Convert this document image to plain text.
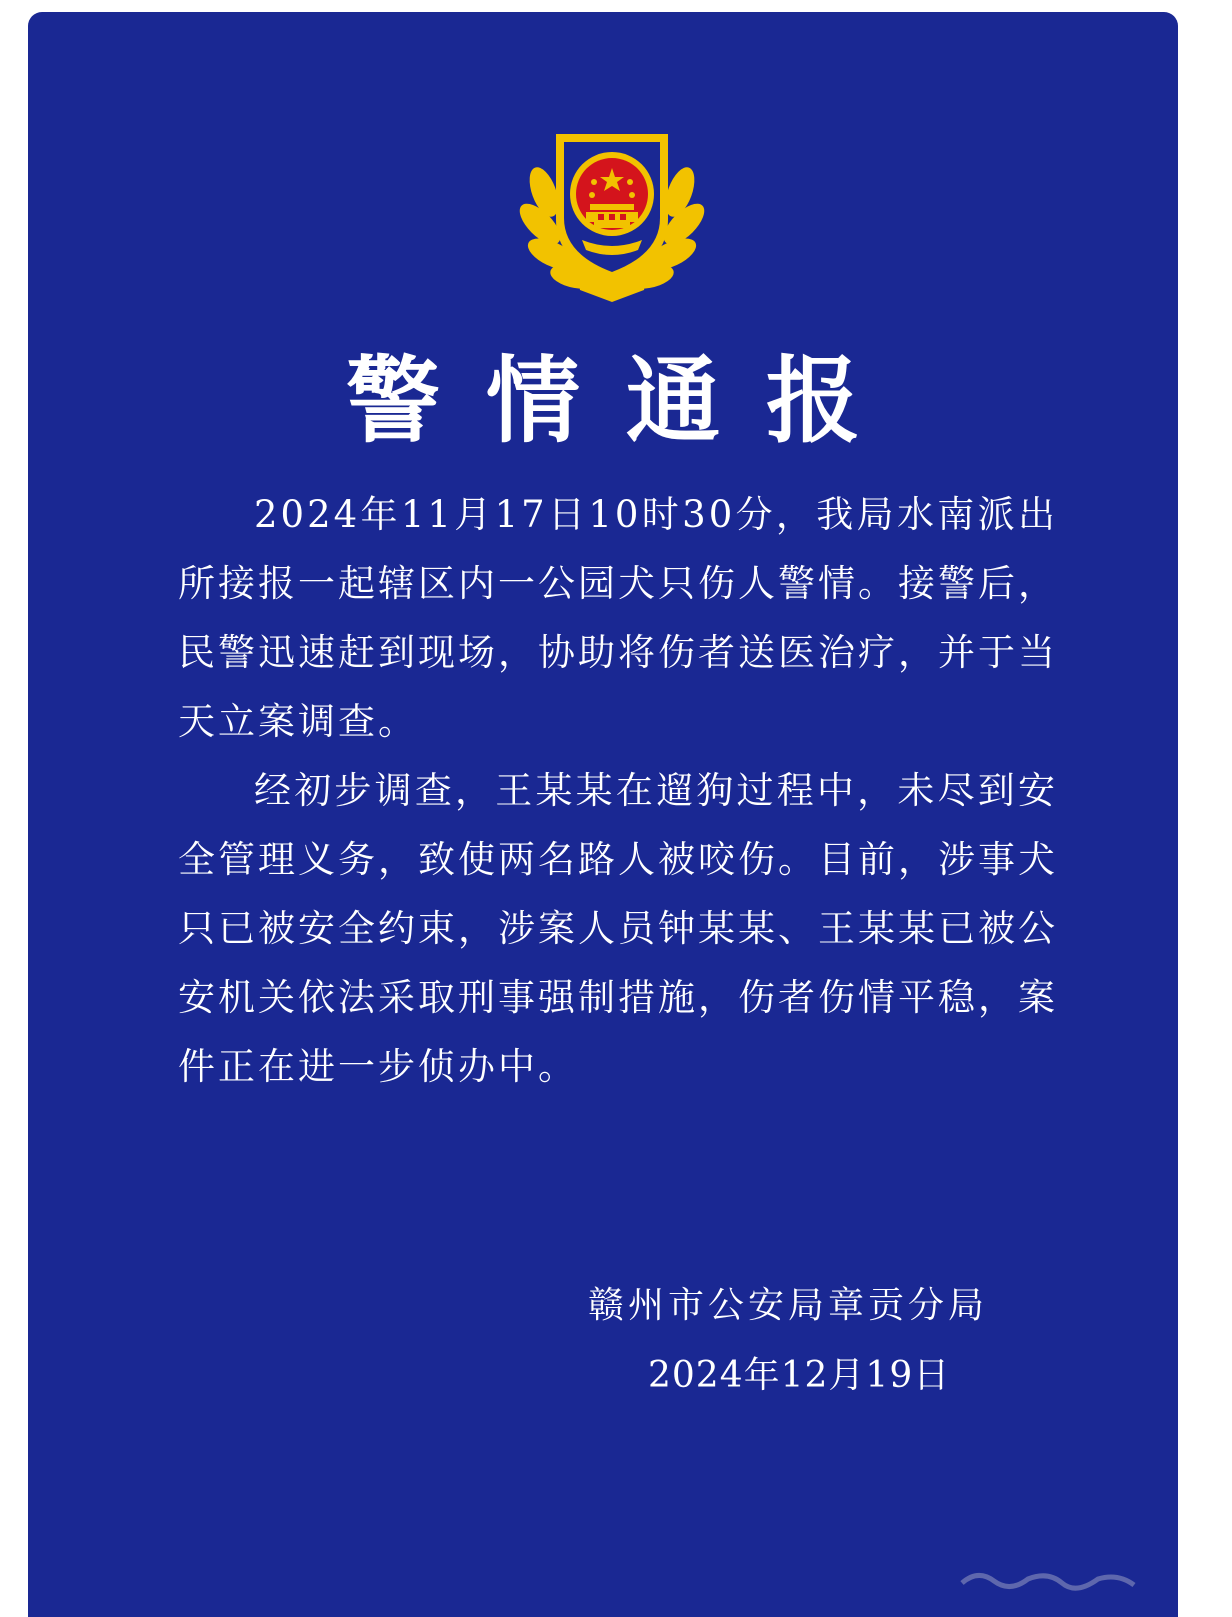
警情通报

2024年11月17日10时30分，我局水南派出所接报一起辖区内一公园犬只伤人警情。接警后，民警迅速赶到现场，协助将伤者送医治疗，并于当天立案调查。

经初步调查，王某某在遛狗过程中，未尽到安全管理义务，致使两名路人被咬伤。目前，涉事犬只已被安全约束，涉案人员钟某某、王某某已被公安机关依法采取刑事强制措施，伤者伤情平稳，案件正在进一步侦办中。

赣州市公安局章贡分局
2024年12月19日
